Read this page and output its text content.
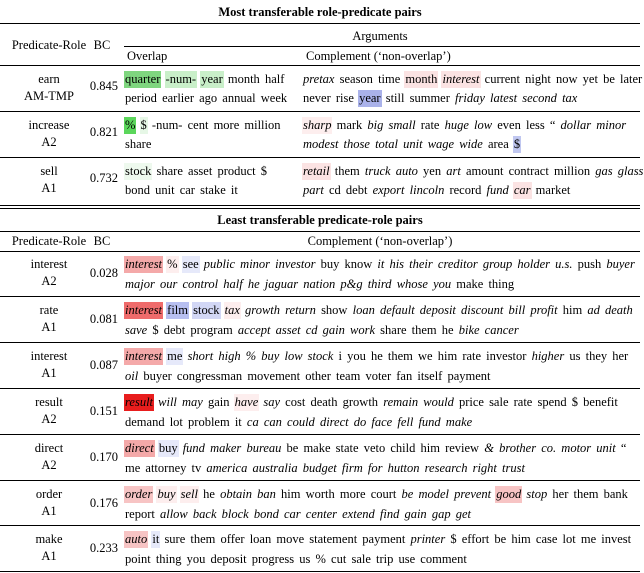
Most transferable role-predicate pairs
Predicate-Role BC
Arguments
Overlap	Complement (‘non-overlap’)
Least transferable predicate-role pairs
Predicate-Role BC	Complement (‘non-overlap’)
earn
AM-TMP
0.845 quarter -num- year month half
period earlier ago annual week
pretax season time month interest current night now yet be later
never rise year still summer friday latest second tax
increase
A2
0.821 % $ -num- cent more million
share
sharp mark big small rate huge low even less “ dollar minor
modest those total unit wage wide area $
sell
A1
0.732 stock share asset product $
bond unit car stake it
retail them truck auto yen art amount contract million gas glass
part cd debt export lincoln record fund car market
interest
A2
0.028
interest % see public minor investor buy know it his their creditor group holder u.s. push buyer
major our control half he jaguar nation p&g third whose you make thing
rate
A1
0.081
interest film stock tax growth return show loan default deposit discount bill profit him ad death
save $ debt program accept asset cd gain work share them he bike cancer
interest
A1
0.087
interest me short high % buy low stock i you he them we him rate investor higher us they her
oil buyer congressman movement other team voter fan itself payment
result
A2
0.151
result will may gain have say cost death growth remain would price sale rate spend $ benefit
demand lot problem it ca can could direct do face fell fund make
direct
A2
0.170
direct buy fund maker bureau be make state veto child him review & brother co. motor unit “
me attorney tv america australia budget firm for hutton research right trust
order
A1
0.176
order buy sell he obtain ban him worth more court be model prevent good stop her them bank
report allow back block bond car center extend find gain gap get
make
A1
0.233
auto it sure them offer loan move statement payment printer $ effort be him case lot me invest
point thing you deposit progress us % cut sale trip use comment
